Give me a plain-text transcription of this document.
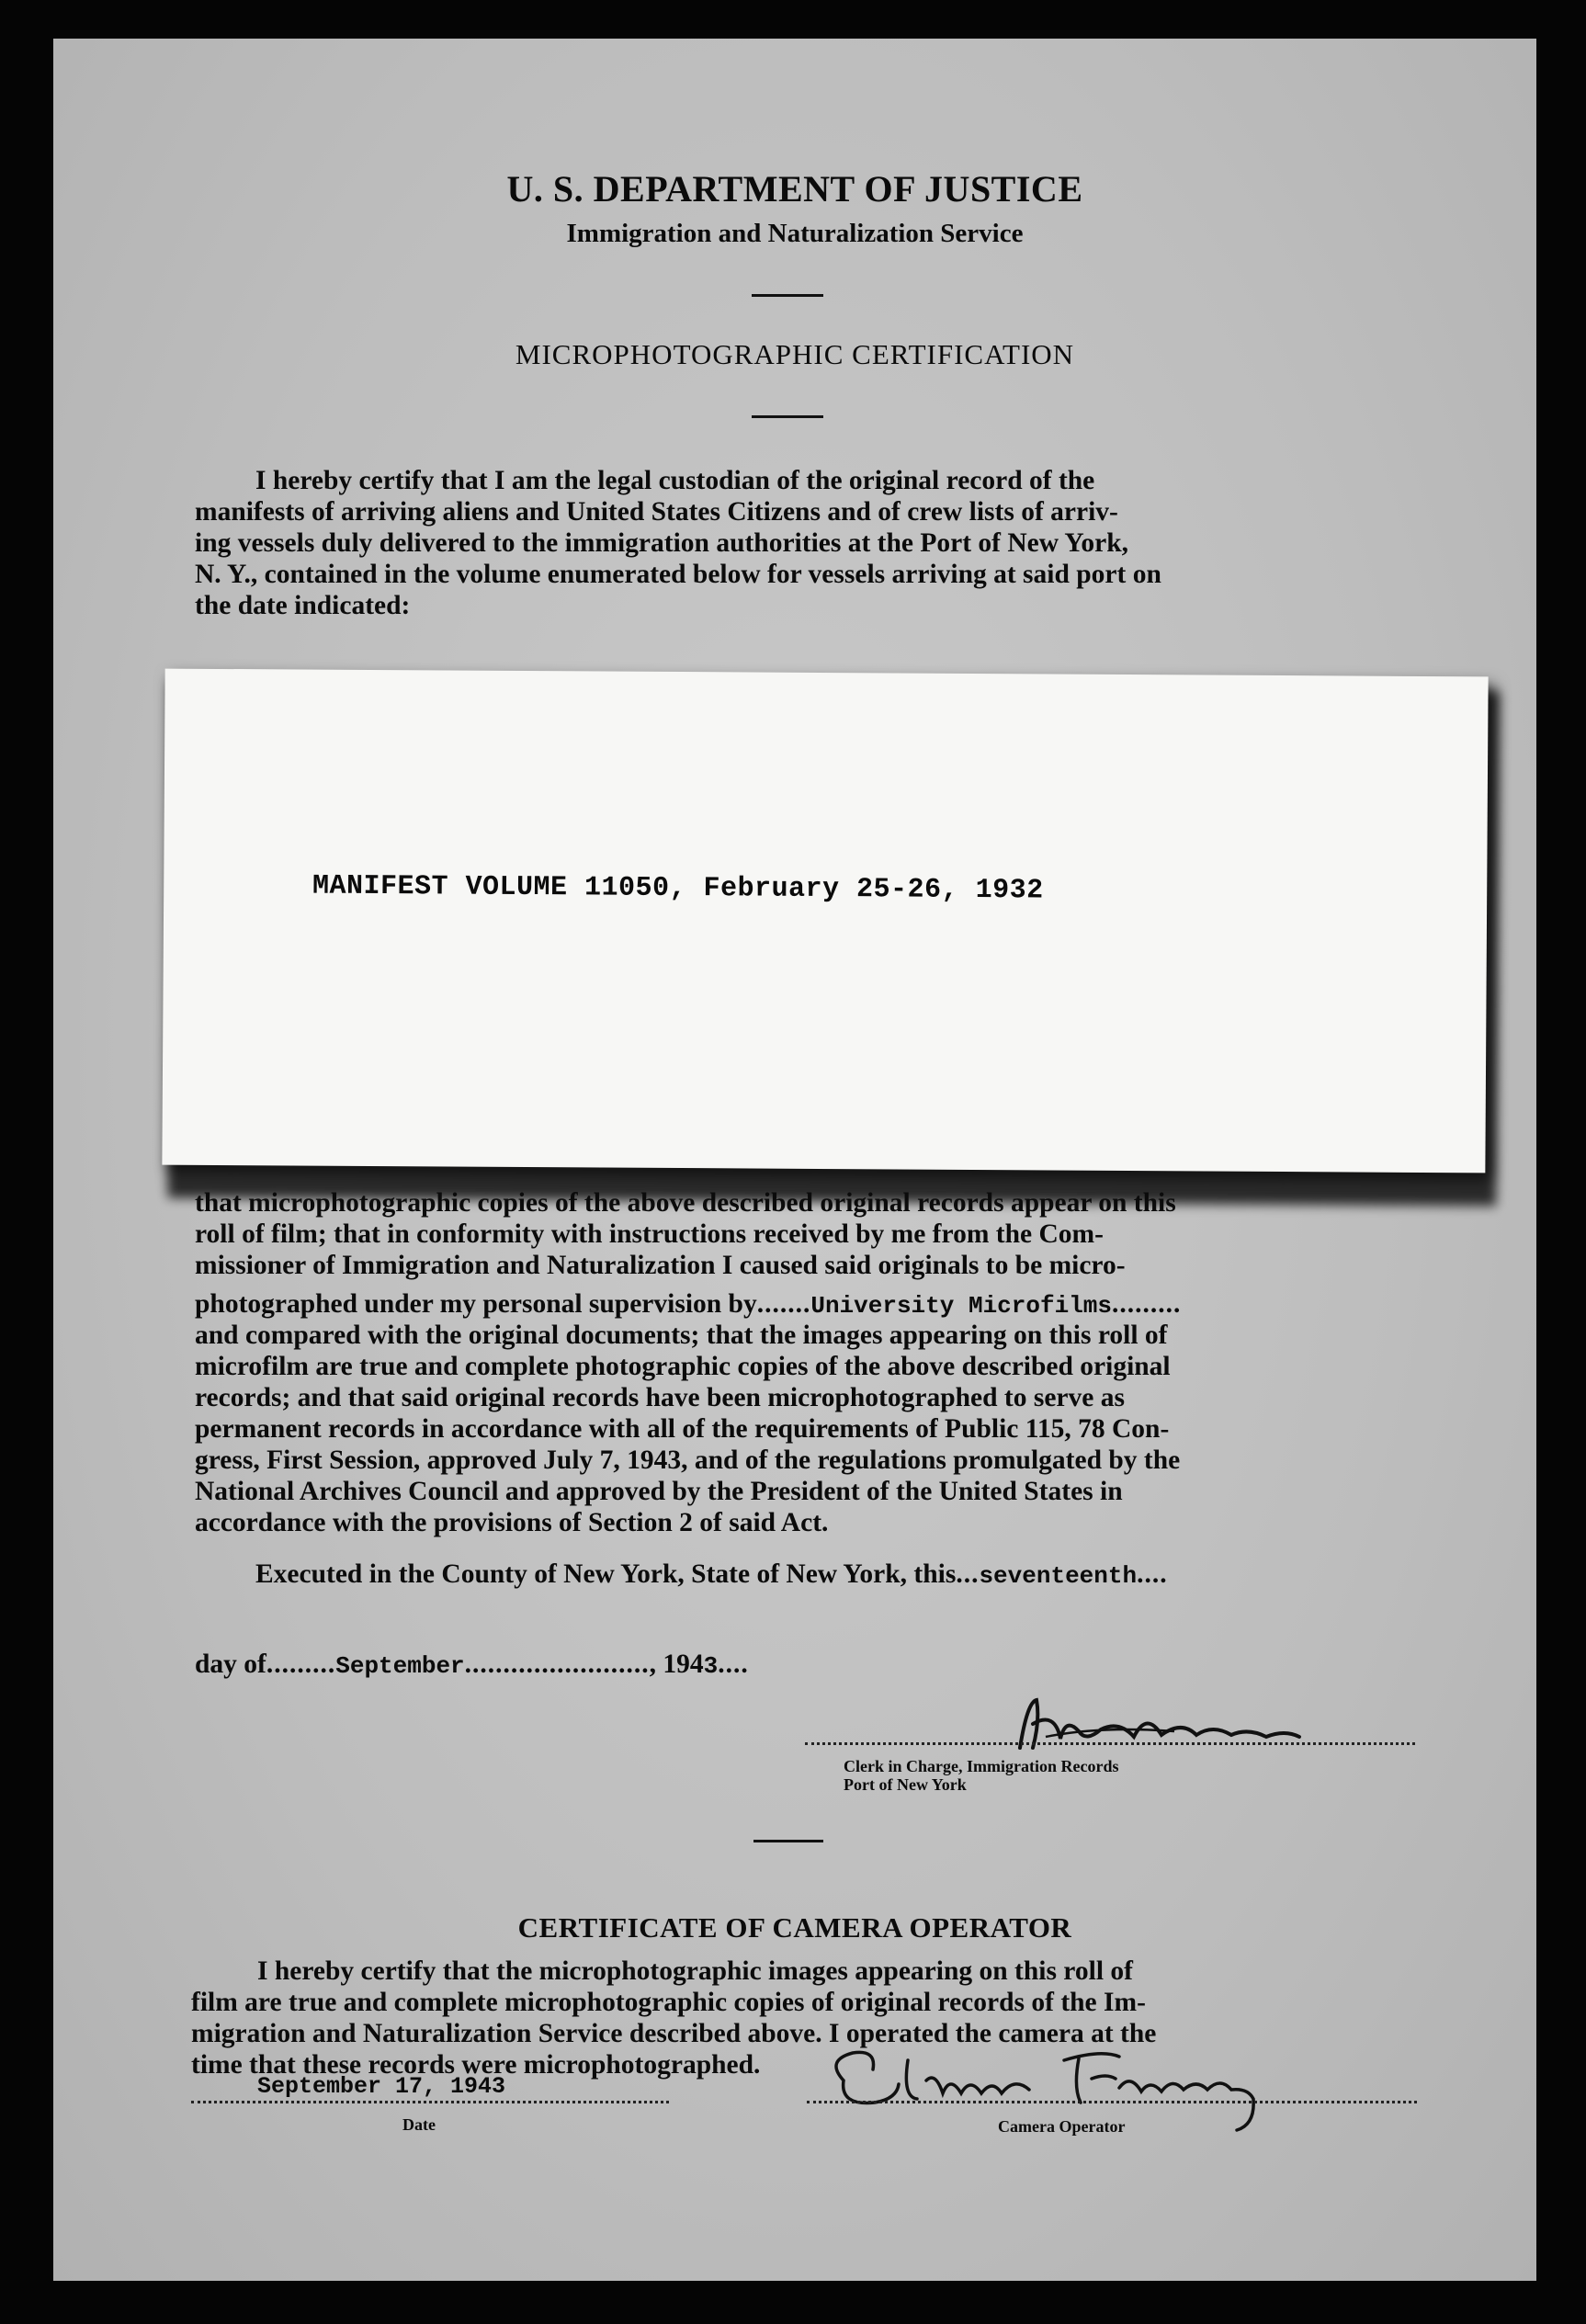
U. S. DEPARTMENT OF JUSTICE
Immigration and Naturalization Service
MICROPHOTOGRAPHIC CERTIFICATION

I hereby certify that I am the legal custodian of the original record of the

manifests of arriving aliens and United States Citizens and of crew lists of arriv-

ing vessels duly delivered to the immigration authorities at the Port of New York,

N. Y., contained in the volume enumerated below for vessels arriving at said port on

the date indicated:

MANIFEST VOLUME 11050, February 25-26, 1932

that microphotographic copies of the above described original records appear on this

roll of film; that in conformity with instructions received by me from the Com-

missioner of Immigration and Naturalization I caused said originals to be micro-

photographed under my personal supervision by.......University Microfilms.........

and compared with the original documents; that the images appearing on this roll of

microfilm are true and complete photographic copies of the above described original

records; and that said original records have been microphotographed to serve as

permanent records in accordance with all of the requirements of Public 115, 78 Con-

gress, First Session, approved July 7, 1943, and of the regulations promulgated by the

National Archives Council and approved by the President of the United States in

accordance with the provisions of Section 2 of said Act.

Executed in the County of New York, State of New York, this...seventeenth....
day of.........September........................, 1943....
Clerk in Charge, Immigration Records
Port of New York
CERTIFICATE OF CAMERA OPERATOR

I hereby certify that the microphotographic images appearing on this roll of

film are true and complete microphotographic copies of original records of the Im-

migration and Naturalization Service described above. I operated the camera at the

time that these records were microphotographed.

September 17, 1943
Date	Camera Operator
